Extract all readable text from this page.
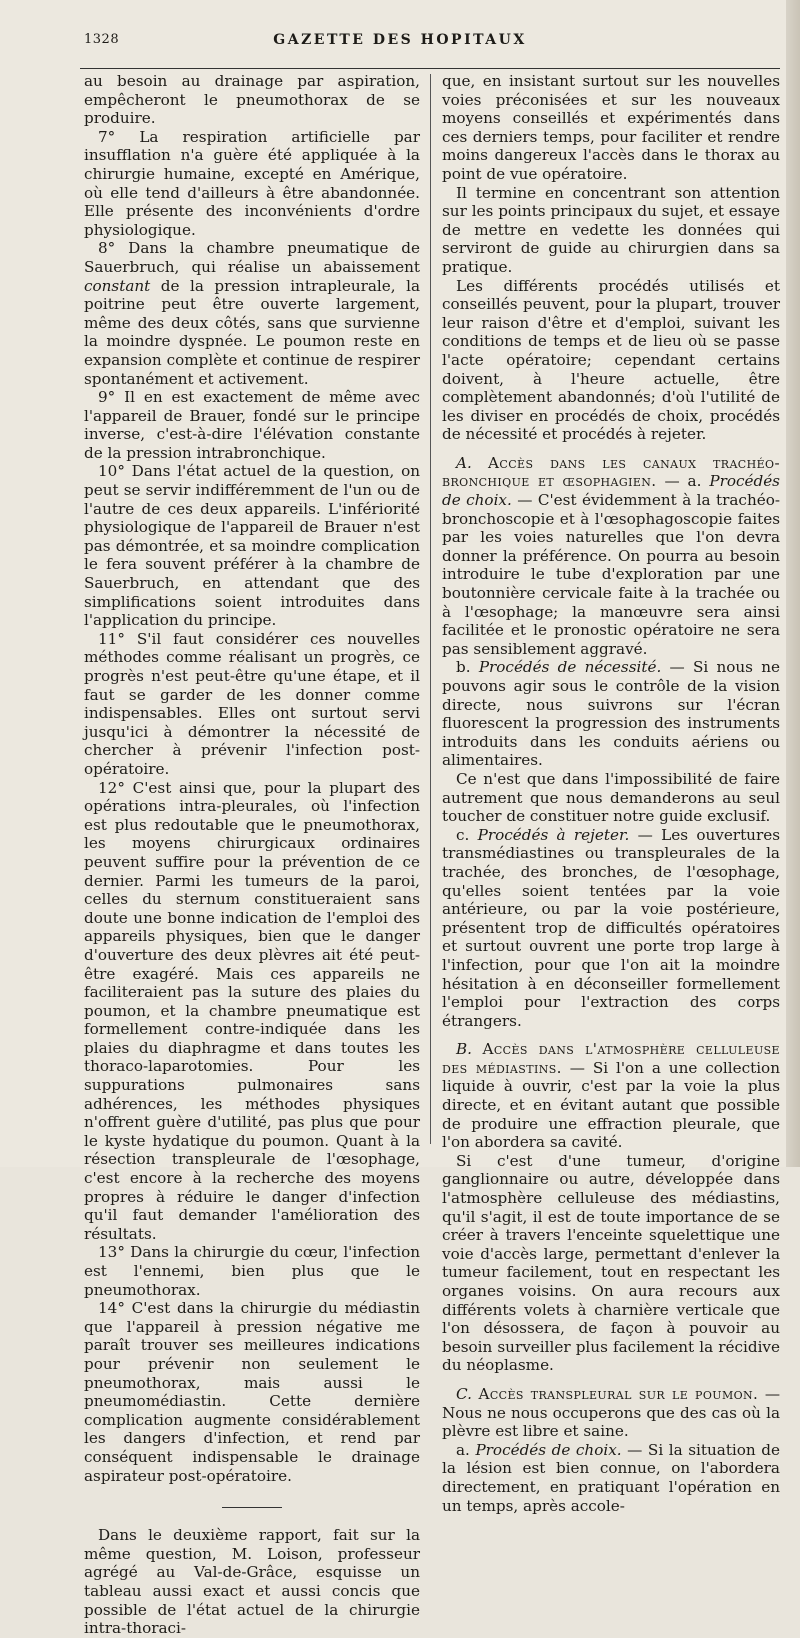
1328	GAZETTE DES HOPITAUX

au besoin au drainage par aspiration, empêcheront le pneumothorax de se produire.

7° La respiration artificielle par insufflation n'a guère été appliquée à la chirurgie humaine, excepté en Amérique, où elle tend d'ailleurs à être abandonnée. Elle présente des inconvénients d'ordre physiologique.

8° Dans la chambre pneumatique de Sauerbruch, qui réalise un abaissement constant de la pression intrapleurale, la poitrine peut être ouverte largement, même des deux côtés, sans que survienne la moindre dyspnée. Le poumon reste en expansion complète et continue de respirer spontanément et activement.

9° Il en est exactement de même avec l'appareil de Brauer, fondé sur le principe inverse, c'est-à-dire l'élévation constante de la pression intrabronchique.

10° Dans l'état actuel de la question, on peut se servir indifféremment de l'un ou de l'autre de ces deux appareils. L'infériorité physiologique de l'appareil de Brauer n'est pas démontrée, et sa moindre complication le fera souvent préférer à la chambre de Sauerbruch, en attendant que des simplifications soient introduites dans l'application du principe.

11° S'il faut considérer ces nouvelles méthodes comme réalisant un progrès, ce progrès n'est peut-être qu'une étape, et il faut se garder de les donner comme indispensables. Elles ont surtout servi jusqu'ici à démontrer la nécessité de chercher à prévenir l'infection post-opératoire.

12° C'est ainsi que, pour la plupart des opérations intra-pleurales, où l'infection est plus redoutable que le pneumothorax, les moyens chirurgicaux ordinaires peuvent suffire pour la prévention de ce dernier. Parmi les tumeurs de la paroi, celles du sternum constitueraient sans doute une bonne indication de l'emploi des appareils physiques, bien que le danger d'ouverture des deux plèvres ait été peut-être exagéré. Mais ces appareils ne faciliteraient pas la suture des plaies du poumon, et la chambre pneumatique est formellement contre-indiquée dans les plaies du diaphragme et dans toutes les thoraco-laparotomies. Pour les suppurations pulmonaires sans adhérences, les méthodes physiques n'offrent guère d'utilité, pas plus que pour le kyste hydatique du poumon. Quant à la résection transpleurale de l'œsophage, c'est encore à la recherche des moyens propres à réduire le danger d'infection qu'il faut demander l'amélioration des résultats.

13° Dans la chirurgie du cœur, l'infection est l'ennemi, bien plus que le pneumothorax.

14° C'est dans la chirurgie du médiastin que l'appareil à pression négative me paraît trouver ses meilleures indications pour prévenir non seulement le pneumothorax, mais aussi le pneumomédiastin. Cette dernière complication augmente considérablement les dangers d'infection, et rend par conséquent indispensable le drainage aspirateur post-opératoire.

Dans le deuxième rapport, fait sur la même question, M. Loison, professeur agrégé au Val-de-Grâce, esquisse un tableau aussi exact et aussi concis que possible de l'état actuel de la chirurgie intra-thoraci-

que, en insistant surtout sur les nouvelles voies préconisées et sur les nouveaux moyens conseillés et expérimentés dans ces derniers temps, pour faciliter et rendre moins dangereux l'accès dans le thorax au point de vue opératoire.

Il termine en concentrant son attention sur les points principaux du sujet, et essaye de mettre en vedette les données qui serviront de guide au chirurgien dans sa pratique.

Les différents procédés utilisés et conseillés peuvent, pour la plupart, trouver leur raison d'être et d'emploi, suivant les conditions de temps et de lieu où se passe l'acte opératoire; cependant certains doivent, à l'heure actuelle, être complètement abandonnés; d'où l'utilité de les diviser en procédés de choix, procédés de nécessité et procédés à rejeter.

A. Accès dans les canaux trachéo-bronchique et œsophagien. — a. Procédés de choix. — C'est évidemment à la trachéo-bronchoscopie et à l'œsophagoscopie faites par les voies naturelles que l'on devra donner la préférence. On pourra au besoin introduire le tube d'exploration par une boutonnière cervicale faite à la trachée ou à l'œsophage; la manœuvre sera ainsi facilitée et le pronostic opératoire ne sera pas sensiblement aggravé.

b. Procédés de nécessité. — Si nous ne pouvons agir sous le contrôle de la vision directe, nous suivrons sur l'écran fluorescent la progression des instruments introduits dans les conduits aériens ou alimentaires.

Ce n'est que dans l'impossibilité de faire autrement que nous demanderons au seul toucher de constituer notre guide exclusif.

c. Procédés à rejeter. — Les ouvertures transmédiastines ou transpleurales de la trachée, des bronches, de l'œsophage, qu'elles soient tentées par la voie antérieure, ou par la voie postérieure, présentent trop de difficultés opératoires et surtout ouvrent une porte trop large à l'infection, pour que l'on ait la moindre hésitation à en déconseiller formellement l'emploi pour l'extraction des corps étrangers.

B. Accès dans l'atmosphère celluleuse des médiastins. — Si l'on a une collection liquide à ouvrir, c'est par la voie la plus directe, et en évitant autant que possible de produire une effraction pleurale, que l'on abordera sa cavité.

Si c'est d'une tumeur, d'origine ganglionnaire ou autre, développée dans l'atmosphère celluleuse des médiastins, qu'il s'agit, il est de toute importance de se créer à travers l'enceinte squelettique une voie d'accès large, permettant d'enlever la tumeur facilement, tout en respectant les organes voisins. On aura recours aux différents volets à charnière verticale que l'on désossera, de façon à pouvoir au besoin surveiller plus facilement la récidive du néoplasme.

C. Accès transpleural sur le poumon. — Nous ne nous occuperons que des cas où la plèvre est libre et saine.

a. Procédés de choix. — Si la situation de la lésion est bien connue, on l'abordera directement, en pratiquant l'opération en un temps, après accole-
